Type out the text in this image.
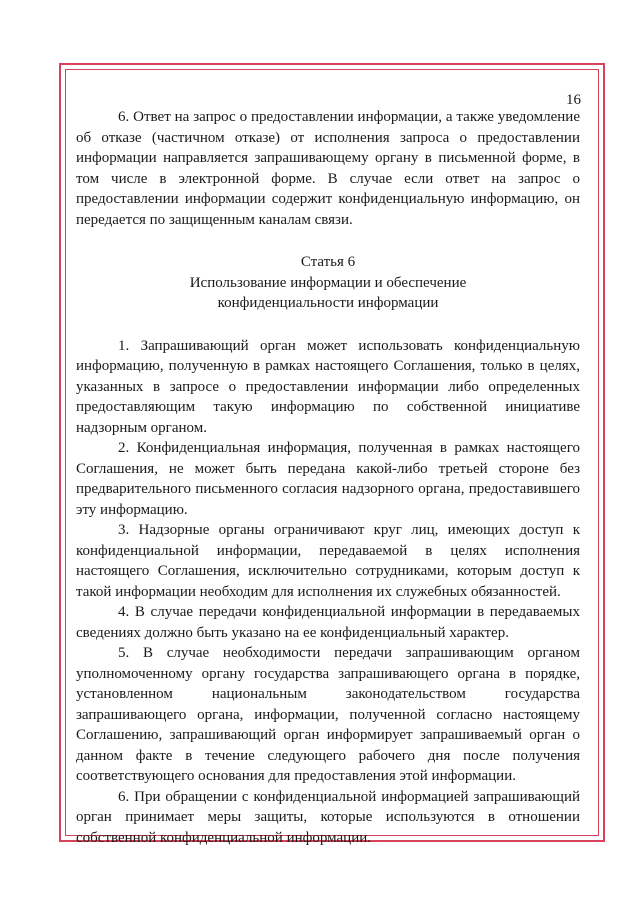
16

6. Ответ на запрос о предоставлении информации, а также уведомление об отказе (частичном отказе) от исполнения запроса о предоставлении информации направляется запрашивающему органу в письменной форме, в том числе в электронной форме. В случае если ответ на запрос о предоставлении информации содержит конфиденциальную информацию, он передается по защищенным каналам связи.

Статья 6
Использование информации и обеспечение
конфиденциальности информации

1. Запрашивающий орган может использовать конфиденциальную информацию, полученную в рамках настоящего Соглашения, только в целях, указанных в запросе о предоставлении информации либо определенных предоставляющим такую информацию по собственной инициативе надзорным органом.

2. Конфиденциальная информация, полученная в рамках настоящего Соглашения, не может быть передана какой-либо третьей стороне без предварительного письменного согласия надзорного органа, предоставившего эту информацию.

3. Надзорные органы ограничивают круг лиц, имеющих доступ к конфиденциальной информации, передаваемой в целях исполнения настоящего Соглашения, исключительно сотрудниками, которым доступ к такой информации необходим для исполнения их служебных обязанностей.

4. В случае передачи конфиденциальной информации в передаваемых сведениях должно быть указано на ее конфиденциальный характер.

5. В случае необходимости передачи запрашивающим органом уполномоченному органу государства запрашивающего органа в порядке, установленном национальным законодательством государства запрашивающего органа, информации, полученной согласно настоящему Соглашению, запрашивающий орган информирует запрашиваемый орган о данном факте в течение следующего рабочего дня после получения соответствующего основания для предоставления этой информации.

6. При обращении с конфиденциальной информацией запрашивающий орган принимает меры защиты, которые используются в отношении собственной конфиденциальной информации.
